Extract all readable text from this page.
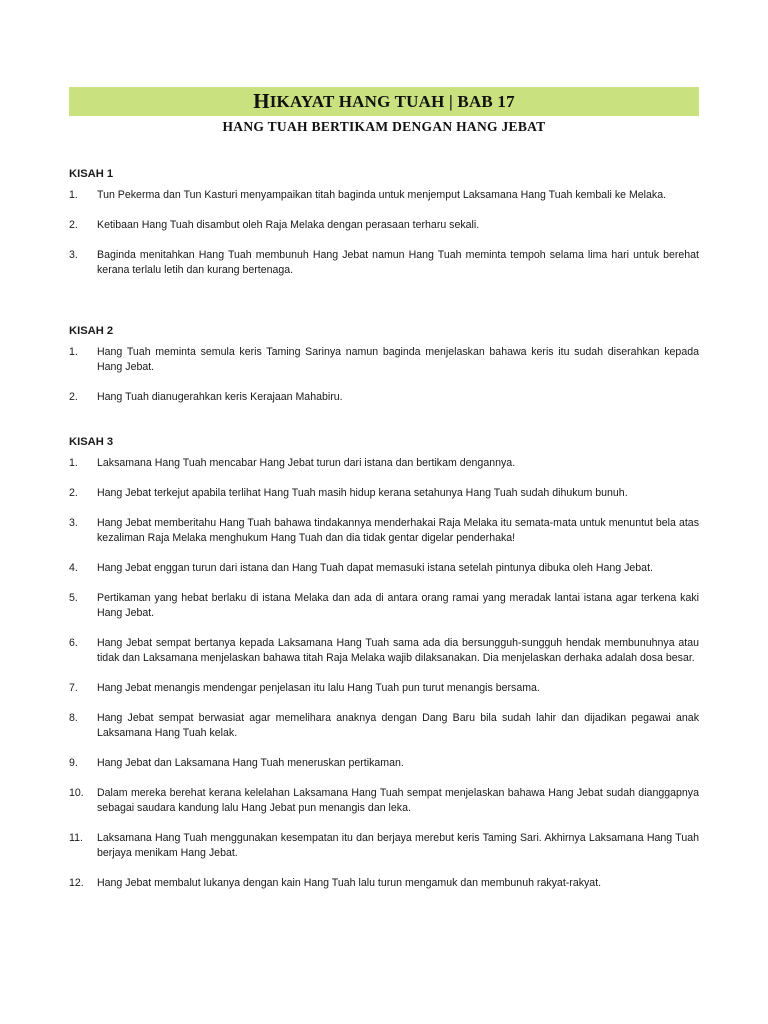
H IKAYAT HANG TUAH | BAB 17
HANG TUAH BERTIKAM DENGAN HANG JEBAT
KISAH 1
1.	Tun Pekerma dan Tun Kasturi menyampaikan titah baginda untuk menjemput Laksamana Hang Tuah kembali ke Melaka.
2.	Ketibaan Hang Tuah disambut oleh Raja Melaka dengan perasaan terharu sekali.
3.	Baginda menitahkan Hang Tuah membunuh Hang Jebat namun Hang Tuah meminta tempoh selama lima hari untuk berehat kerana terlalu letih dan kurang bertenaga.
KISAH 2
1.	Hang Tuah meminta semula keris Taming Sarinya namun baginda menjelaskan bahawa keris itu sudah diserahkan kepada Hang Jebat.
2.	Hang Tuah dianugerahkan keris Kerajaan Mahabiru.
KISAH 3
1.	Laksamana Hang Tuah mencabar Hang Jebat turun dari istana dan bertikam dengannya.
2.	Hang Jebat terkejut apabila terlihat Hang Tuah masih hidup kerana setahunya Hang Tuah sudah dihukum bunuh.
3.	Hang Jebat memberitahu Hang Tuah bahawa tindakannya menderhakai Raja Melaka itu semata-mata untuk menuntut bela atas kezaliman Raja Melaka menghukum Hang Tuah dan dia tidak gentar digelar penderhaka!
4.	Hang Jebat enggan turun dari istana dan Hang Tuah dapat memasuki istana setelah pintunya dibuka oleh Hang Jebat.
5.	Pertikaman yang hebat berlaku di istana Melaka dan ada di antara orang ramai yang meradak lantai istana agar terkena kaki Hang Jebat.
6.	Hang Jebat sempat bertanya kepada Laksamana Hang Tuah sama ada dia bersungguh-sungguh hendak membunuhnya atau tidak dan Laksamana menjelaskan bahawa titah Raja Melaka wajib dilaksanakan. Dia menjelaskan derhaka adalah dosa besar.
7.	Hang Jebat menangis mendengar penjelasan itu lalu Hang Tuah pun turut menangis bersama.
8.	Hang Jebat sempat berwasiat agar memelihara anaknya dengan Dang Baru bila sudah lahir dan dijadikan pegawai anak Laksamana Hang Tuah kelak.
9.	Hang Jebat dan Laksamana Hang Tuah meneruskan pertikaman.
10.	Dalam mereka berehat kerana kelelahan Laksamana Hang Tuah sempat menjelaskan bahawa Hang Jebat sudah dianggapnya sebagai saudara kandung lalu Hang Jebat pun menangis dan leka.
11.	Laksamana Hang Tuah menggunakan kesempatan itu dan berjaya merebut keris Taming Sari. Akhirnya Laksamana Hang Tuah berjaya menikam Hang Jebat.
12.	Hang Jebat membalut lukanya dengan kain Hang Tuah lalu turun mengamuk dan membunuh rakyat-rakyat.
